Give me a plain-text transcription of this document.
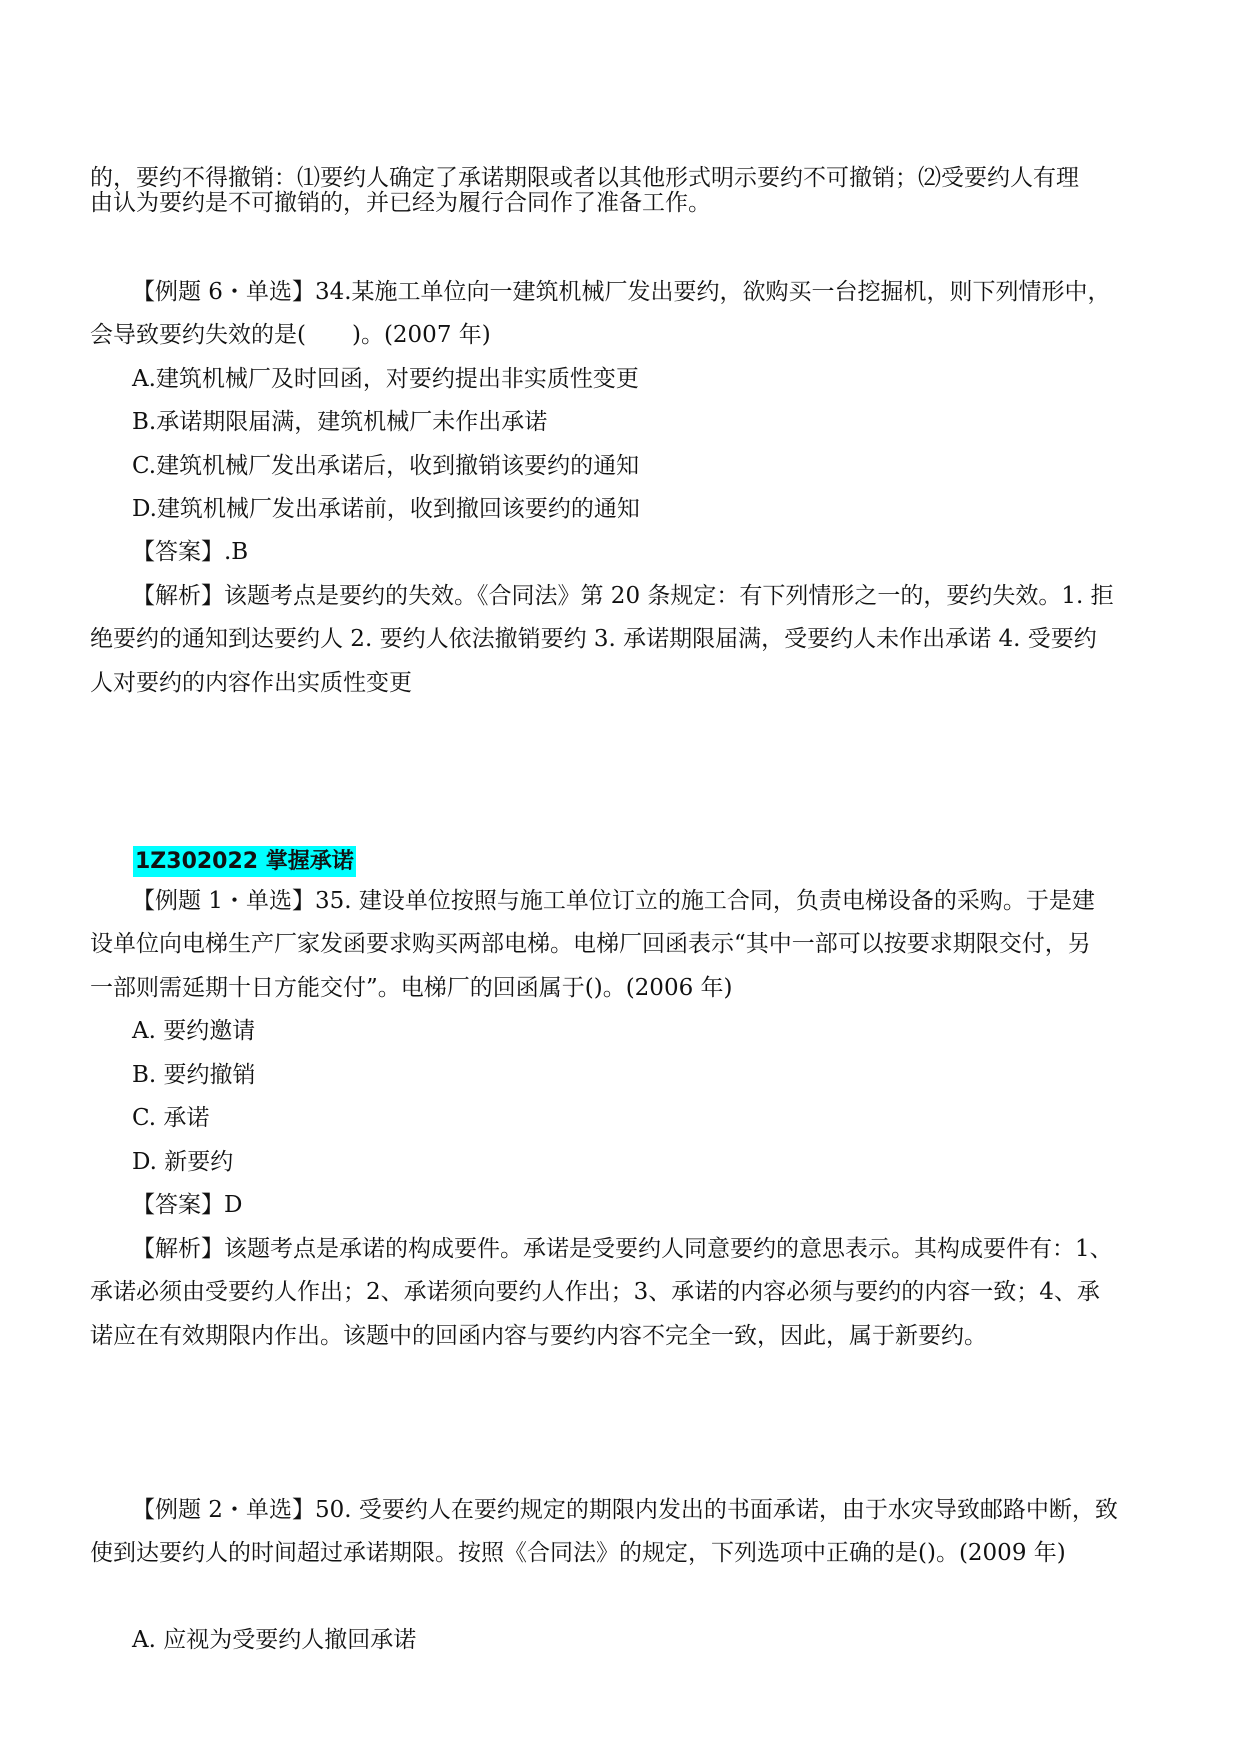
的，要约不得撤销：⑴要约人确定了承诺期限或者以其他形式明示要约不可撤销；⑵受要约人有理
由认为要约是不可撤销的，并已经为履行合同作了准备工作。
【例题 6・单选】34.某施工单位向一建筑机械厂发出要约，欲购买一台挖掘机，则下列情形中，
会导致要约失效的是(　　)。(2007 年)
A.建筑机械厂及时回函，对要约提出非实质性变更
B.承诺期限届满，建筑机械厂未作出承诺
C.建筑机械厂发出承诺后，收到撤销该要约的通知
D.建筑机械厂发出承诺前，收到撤回该要约的通知
【答案】.B
【解析】该题考点是要约的失效。《合同法》第 20 条规定：有下列情形之一的，要约失效。1. 拒
绝要约的通知到达要约人 2. 要约人依法撤销要约 3. 承诺期限届满，受要约人未作出承诺 4. 受要约
人对要约的内容作出实质性变更
1Z302022 掌握承诺
【例题 1・单选】35. 建设单位按照与施工单位订立的施工合同，负责电梯设备的采购。于是建
设单位向电梯生产厂家发函要求购买两部电梯。电梯厂回函表示“其中一部可以按要求期限交付，另
一部则需延期十日方能交付”。电梯厂的回函属于()。(2006 年)
A. 要约邀请
B. 要约撤销
C. 承诺
D. 新要约
【答案】D
【解析】该题考点是承诺的构成要件。承诺是受要约人同意要约的意思表示。其构成要件有：1、
承诺必须由受要约人作出；2、承诺须向要约人作出；3、承诺的内容必须与要约的内容一致；4、承
诺应在有效期限内作出。该题中的回函内容与要约内容不完全一致，因此，属于新要约。
【例题 2・单选】50. 受要约人在要约规定的期限内发出的书面承诺，由于水灾导致邮路中断，致
使到达要约人的时间超过承诺期限。按照《合同法》的规定，下列选项中正确的是()。(2009 年)
A. 应视为受要约人撤回承诺
